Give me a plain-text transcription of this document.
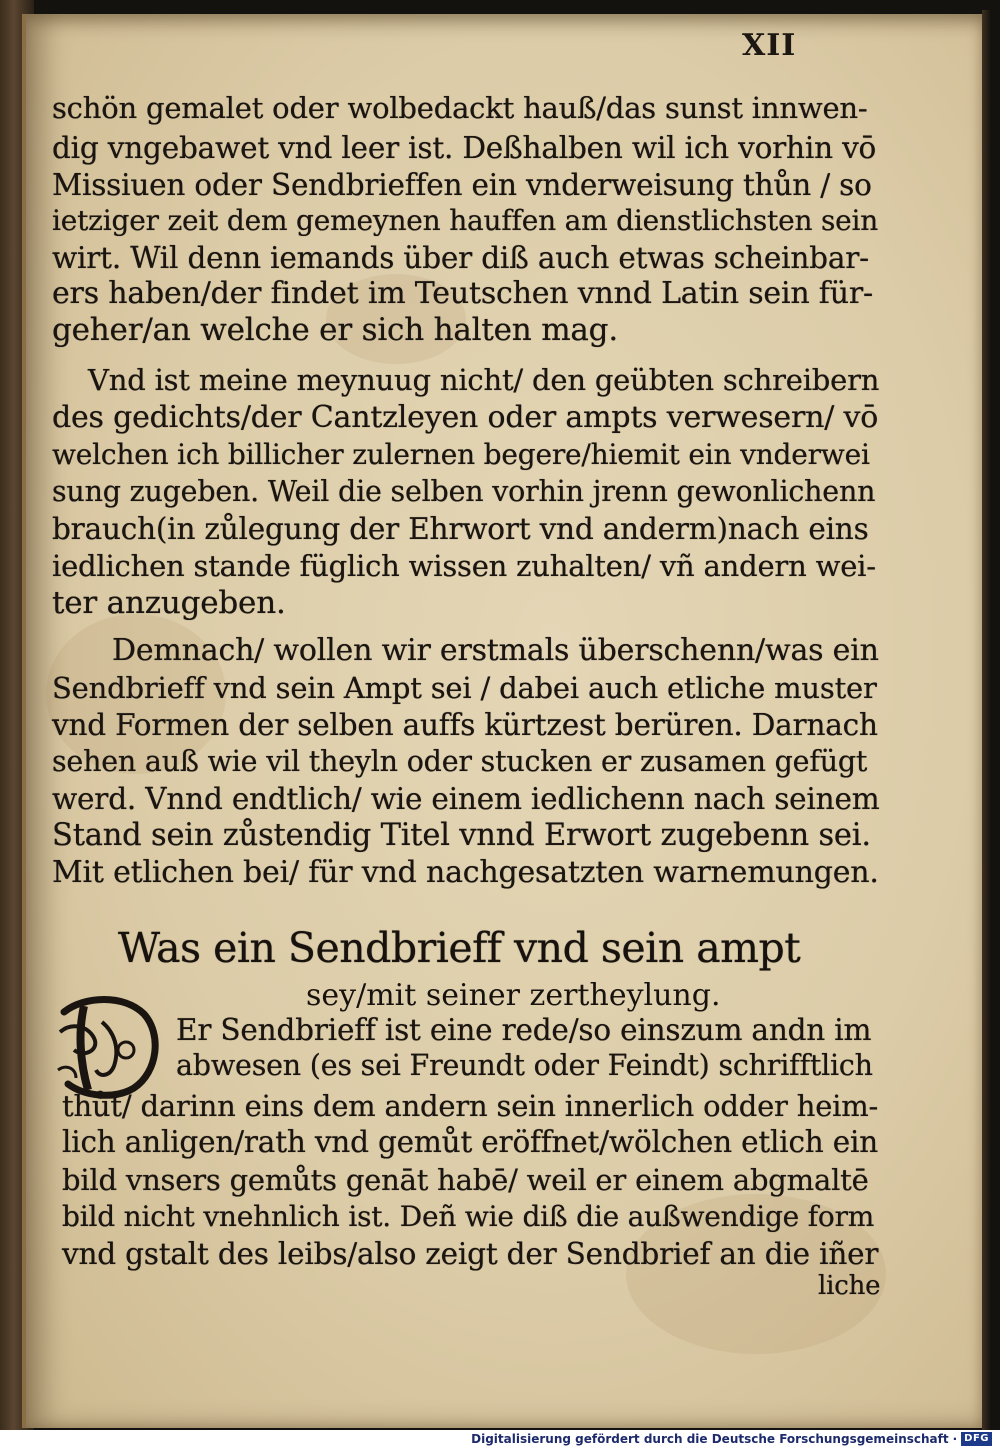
XII
schön gemalet oder wolbedackt hauß/das sunst innwen-
dig vngebawet vnd leer ist. Deßhalben wil ich vorhin vō
Missiuen oder Sendbrieffen ein vnderweisung thůn / so
ietziger zeit dem gemeynen hauffen am dienstlichsten sein
wirt. Wil denn iemands über diß auch etwas scheinbar-
ers haben/der findet im Teutschen vnnd Latin sein für-
geher/an welche er sich halten mag.
Vnd ist meine meynuug nicht/ den geübten schreibern
des gedichts/der Cantzleyen oder ampts verwesern/ vō
welchen ich billicher zulernen begere/hiemit ein vnderwei
sung zugeben. Weil die selben vorhin jrenn gewonlichenn
brauch(in zůlegung der Ehrwort vnd anderm)nach eins
iedlichen stande füglich wissen zuhalten/ vñ andern wei-
ter anzugeben.
Demnach/ wollen wir erstmals überschenn/was ein
Sendbrieff vnd sein Ampt sei / dabei auch etliche muster
vnd Formen der selben auffs kürtzest berüren. Darnach
sehen auß wie vil theyln oder stucken er zusamen gefügt
werd. Vnnd endtlich/ wie einem iedlichenn nach seinem
Stand sein zůstendig Titel vnnd Erwort zugebenn sei.
Mit etlichen bei/ für vnd nachgesatzten warnemungen.
Was ein Sendbrieff vnd sein ampt
sey/mit seiner zertheylung.
Er Sendbrieff ist eine rede/so einszum andn im
abwesen (es sei Freundt oder Feindt) schrifftlich
thůt/ darinn eins dem andern sein innerlich odder heim-
lich anligen/rath vnd gemůt eröffnet/wölchen etlich ein
bild vnsers gemůts genāt habē/ weil er einem abgmaltē
bild nicht vnehnlich ist. Deñ wie diß die außwendige form
vnd gstalt des leibs/also zeigt der Sendbrief an die iñer
liche
Digitalisierung gefördert durch die Deutsche Forschungsgemeinschaft · DFG
